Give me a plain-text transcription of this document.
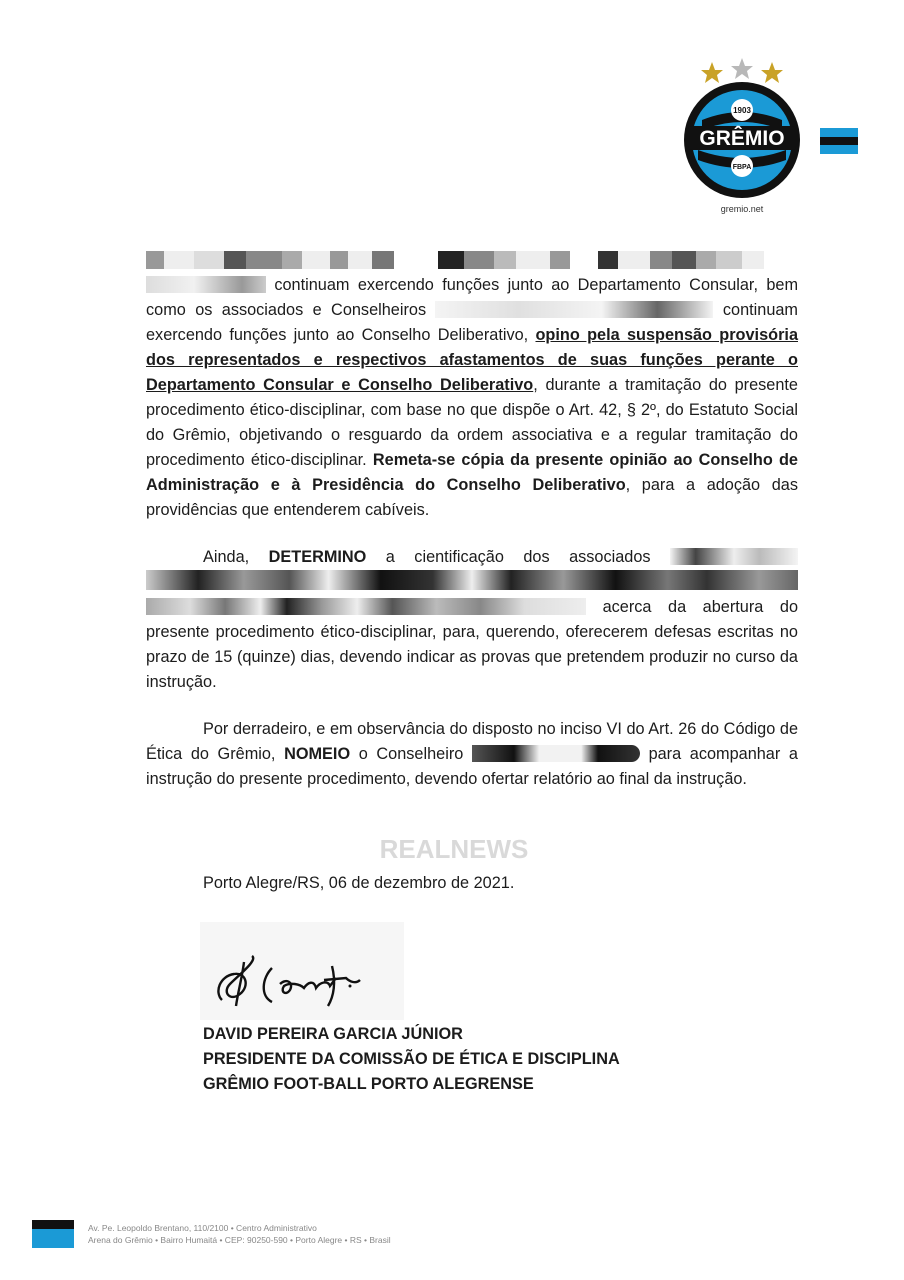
1903
GRÊMIO
FBPA
gremio.net

continuam exercendo funções junto ao Departamento Consular, bem como os associados e Conselheiros	continuam exercendo funções junto ao Conselho Deliberativo, opino pela suspensão provisória dos representados e respectivos afastamentos de suas funções perante o Departamento Consular e Conselho Deliberativo, durante a tramitação do presente procedimento ético-disciplinar, com base no que dispõe o Art. 42, § 2º, do Estatuto Social do Grêmio, objetivando o resguardo da ordem associativa e a regular tramitação do procedimento ético-disciplinar. Remeta-se cópia da presente opinião ao Conselho de Administração e à Presidência do Conselho Deliberativo, para a adoção das providências que entenderem cabíveis.

Ainda, DETERMINO a cientificação dos associados    acerca da abertura do presente procedimento ético-disciplinar, para, querendo, oferecerem defesas escritas no prazo de 15 (quinze) dias, devendo indicar as provas que pretendem produzir no curso da instrução.

Por derradeiro, e em observância do disposto no inciso VI do Art. 26 do Código de Ética do Grêmio, NOMEIO o Conselheiro	para acompanhar a instrução do presente procedimento, devendo ofertar relatório ao final da instrução.

REALNEWS
Porto Alegre/RS, 06 de dezembro de 2021.
DAVID PEREIRA GARCIA JÚNIOR
PRESIDENTE DA COMISSÃO DE ÉTICA E DISCIPLINA
GRÊMIO FOOT-BALL PORTO ALEGRENSE
Av. Pe. Leopoldo Brentano, 110/2100 • Centro Administrativo
Arena do Grêmio • Bairro Humaitá • CEP: 90250-590 • Porto Alegre • RS • Brasil
